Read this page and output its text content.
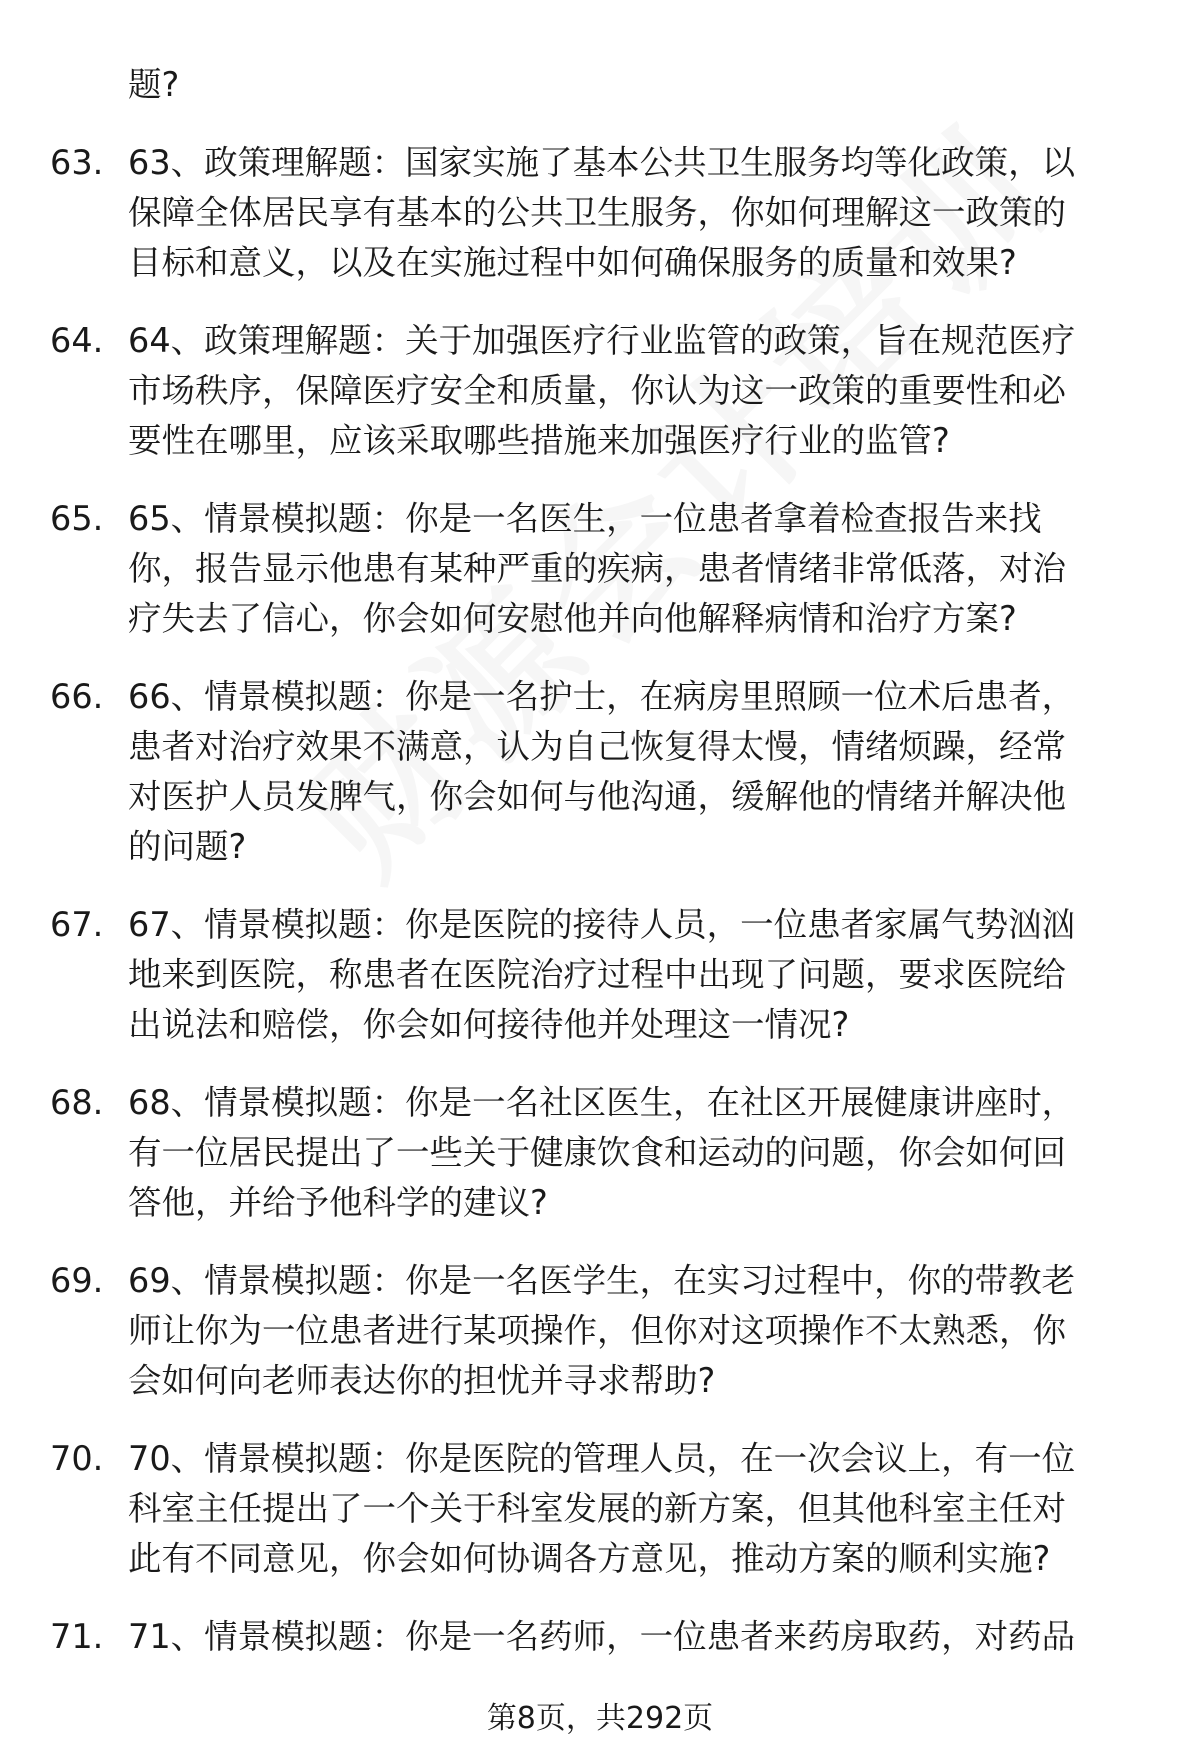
题?
63. 63、政策理解题：国家实施了基本公共卫生服务均等化政策，以
保障全体居民享有基本的公共卫生服务，你如何理解这一政策的
目标和意义，以及在实施过程中如何确保服务的质量和效果?
64. 64、政策理解题：关于加强医疗行业监管的政策，旨在规范医疗
市场秩序，保障医疗安全和质量，你认为这一政策的重要性和必
要性在哪里，应该采取哪些措施来加强医疗行业的监管?
65. 65、情景模拟题：你是一名医生，一位患者拿着检查报告来找
你，报告显示他患有某种严重的疾病，患者情绪非常低落，对治
疗失去了信心，你会如何安慰他并向他解释病情和治疗方案?
66. 66、情景模拟题：你是一名护士，在病房里照顾一位术后患者，
患者对治疗效果不满意，认为自己恢复得太慢，情绪烦躁，经常
对医护人员发脾气，你会如何与他沟通，缓解他的情绪并解决他
的问题?
67. 67、情景模拟题：你是医院的接待人员，一位患者家属气势汹汹
地来到医院，称患者在医院治疗过程中出现了问题，要求医院给
出说法和赔偿，你会如何接待他并处理这一情况?
68. 68、情景模拟题：你是一名社区医生，在社区开展健康讲座时，
有一位居民提出了一些关于健康饮食和运动的问题，你会如何回
答他，并给予他科学的建议?
69. 69、情景模拟题：你是一名医学生，在实习过程中，你的带教老
师让你为一位患者进行某项操作，但你对这项操作不太熟悉，你
会如何向老师表达你的担忧并寻求帮助?
70. 70、情景模拟题：你是医院的管理人员，在一次会议上，有一位
科室主任提出了一个关于科室发展的新方案，但其他科室主任对
此有不同意见，你会如何协调各方意见，推动方案的顺利实施?
71. 71、情景模拟题：你是一名药师，一位患者来药房取药，对药品
第8页，共292页
